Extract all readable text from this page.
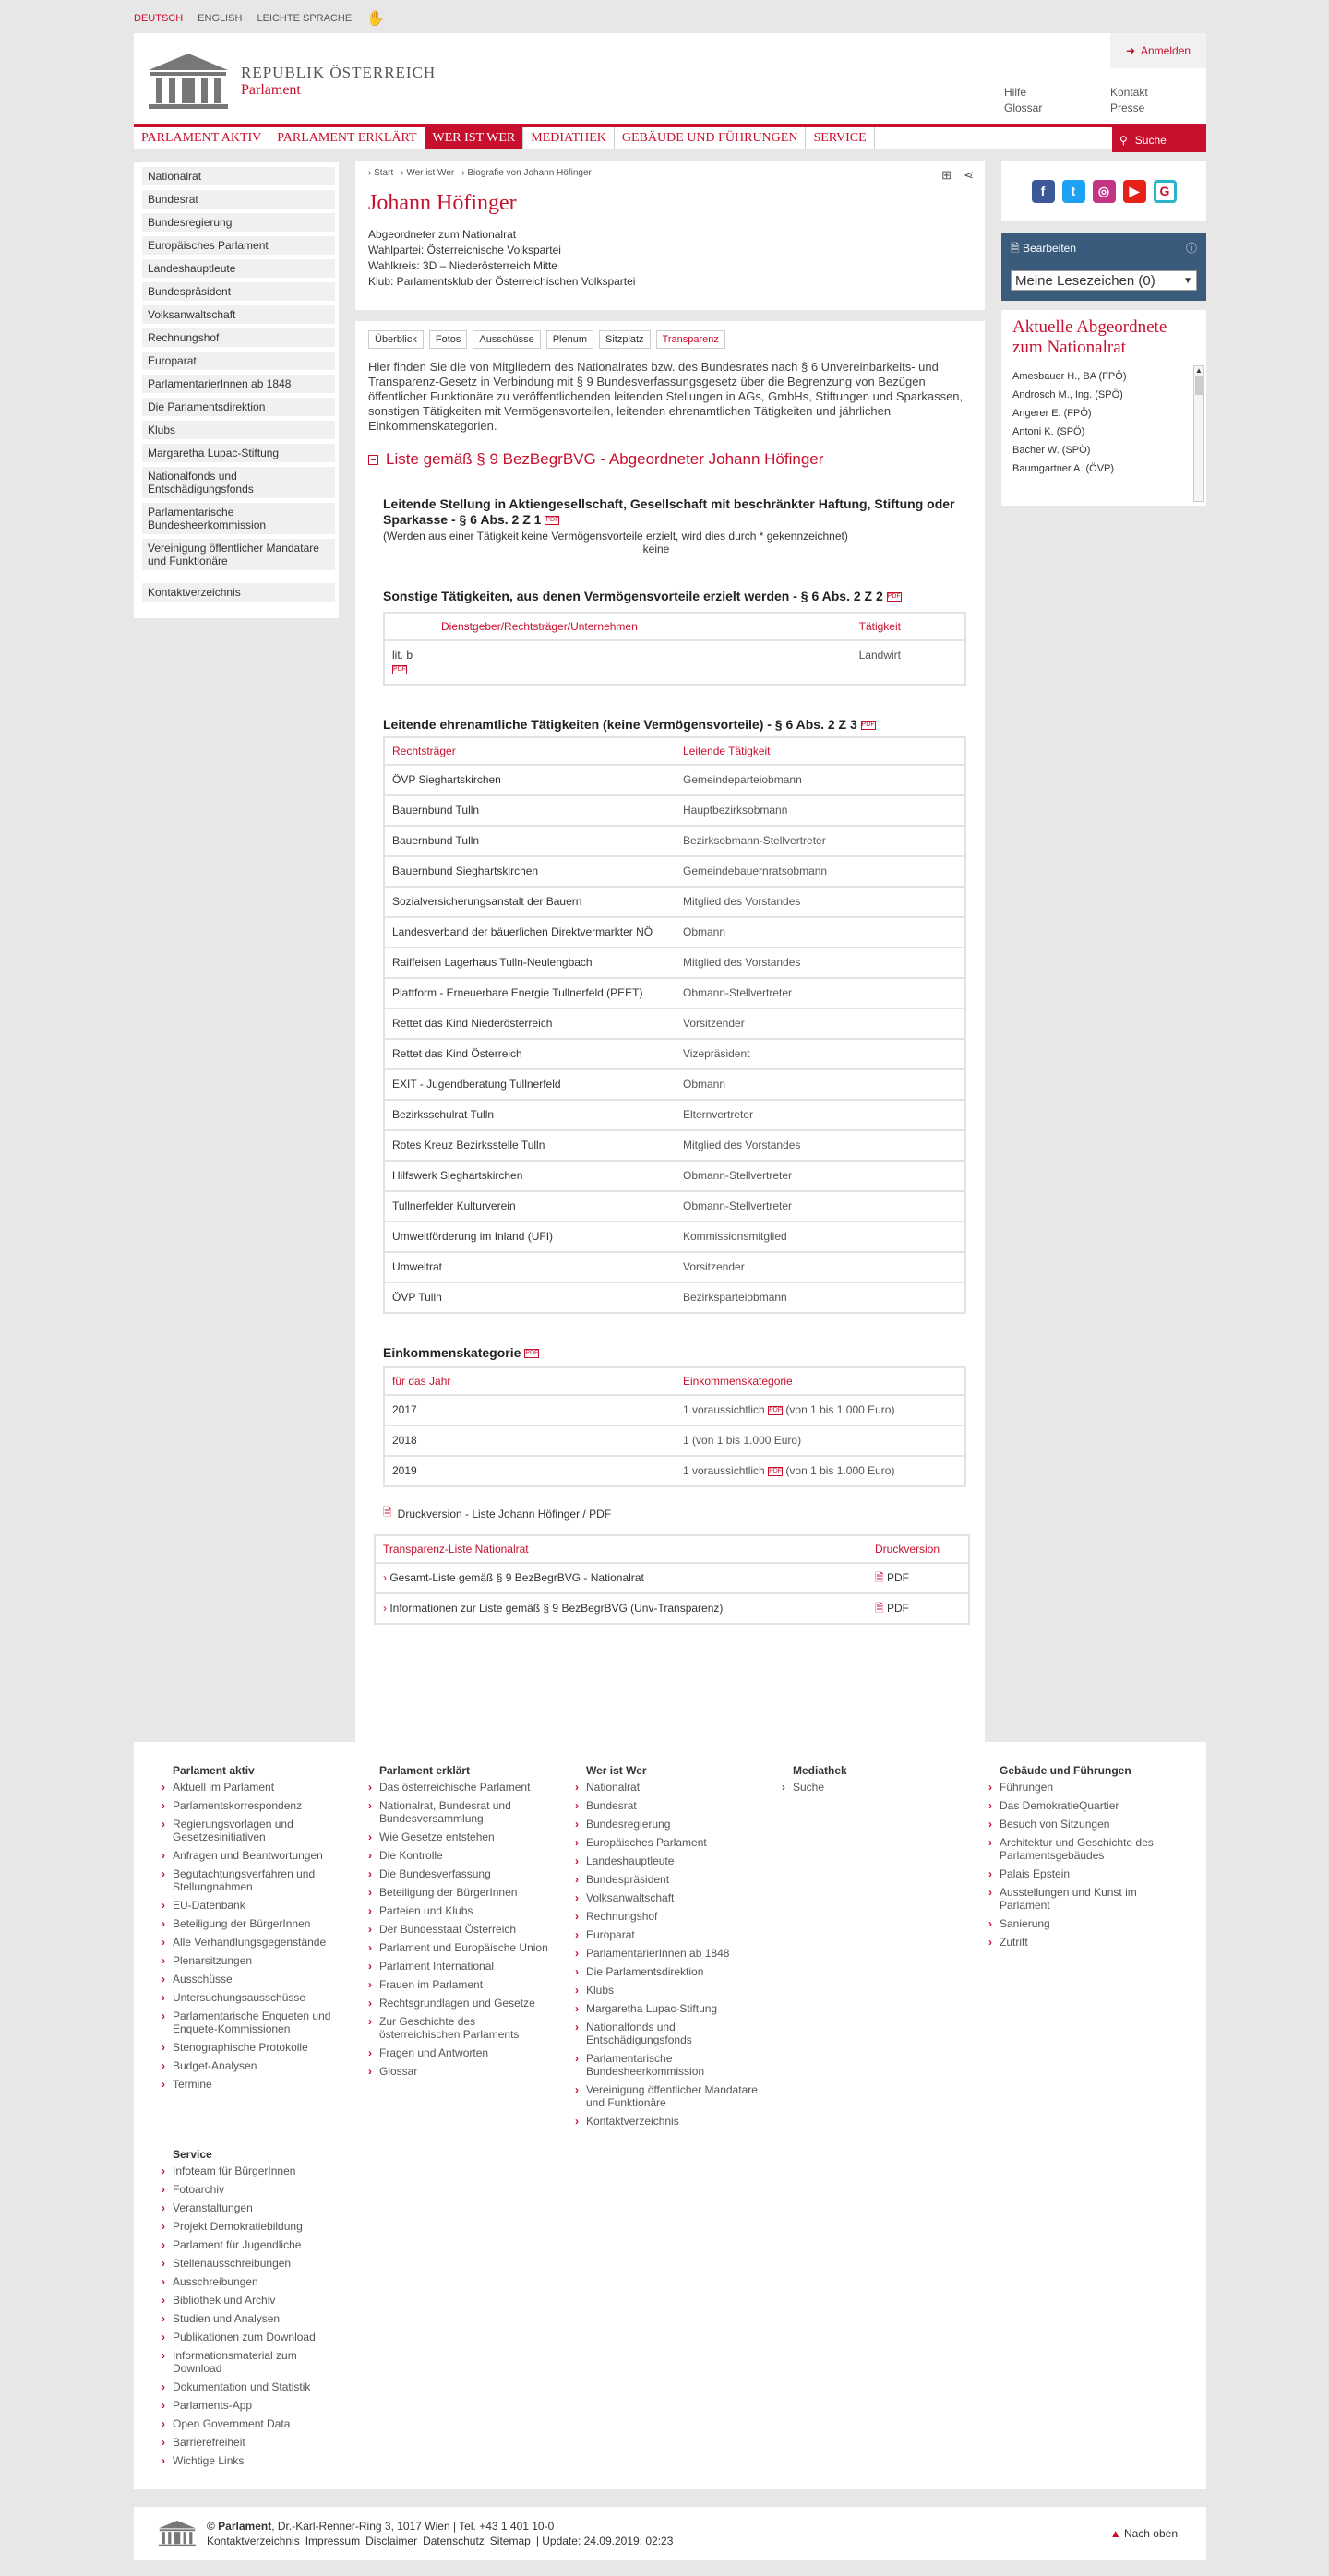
DEUTSCH ENGLISH LEICHTE SPRACHE ✋
REPUBLIK ÖSTERREICH
Parlament
➜ Anmelden
Hilfe
Glossar
Kontakt
Presse
PARLAMENT AKTIV	PARLAMENT ERKLÄRT	WER IST WER	MEDIATHEK	GEBÄUDE UND FÜHRUNGEN	SERVICE	⚲ Suche
Nationalrat
Bundesrat
Bundesregierung
Europäisches Parlament
Landeshauptleute
Bundespräsident
Volksanwaltschaft
Rechnungshof
Europarat
ParlamentarierInnen ab 1848
Die Parlamentsdirektion
Klubs
Margaretha Lupac-Stiftung
Nationalfonds und Entschädigungsfonds
Parlamentarische Bundesheerkommission
Vereinigung öffentlicher Mandatare und Funktionäre
Kontaktverzeichnis
› Start › Wer ist Wer › Biografie von Johann Höfinger	⊞ ⋖
Johann Höfinger
Abgeordneter zum Nationalrat
Wahlpartei: Österreichische Volkspartei
Wahlkreis: 3D – Niederösterreich Mitte
Klub: Parlamentsklub der Österreichischen Volkspartei
Überblick	Fotos	Ausschüsse	Plenum	Sitzplatz	Transparenz
Hier finden Sie die von Mitgliedern des Nationalrates bzw. des Bundesrates nach § 6 Unvereinbarkeits- und Transparenz-Gesetz in Verbindung mit § 9 Bundesverfassungsgesetz über die Begrenzung von Bezügen öffentlicher Funktionäre zu veröffentlichenden leitenden Stellungen in AGs, GmbHs, Stiftungen und Sparkassen, sonstigen Tätigkeiten mit Vermögensvorteilen, leitenden ehrenamtlichen Tätigkeiten und jährlichen Einkommenskategorien.
Liste gemäß § 9 BezBegrBVG - Abgeordneter Johann Höfinger
Leitende Stellung in Aktiengesellschaft, Gesellschaft mit beschränkter Haftung, Stiftung oder Sparkasse - § 6 Abs. 2 Z 1 PDF
(Werden aus einer Tätigkeit keine Vermögensvorteile erzielt, wird dies durch * gekennzeichnet)
keine
Sonstige Tätigkeiten, aus denen Vermögensvorteile erzielt werden - § 6 Abs. 2 Z 2 PDF
	Dienstgeber/Rechtsträger/Unternehmen	Tätigkeit
lit. b PDF		Landwirt
Leitende ehrenamtliche Tätigkeiten (keine Vermögensvorteile) - § 6 Abs. 2 Z 3 PDF
Rechtsträger	Leitende Tätigkeit
ÖVP Sieghartskirchen	Gemeindeparteiobmann
Bauernbund Tulln	Hauptbezirksobmann
Bauernbund Tulln	Bezirksobmann-Stellvertreter
Bauernbund Sieghartskirchen	Gemeindebauernratsobmann
Sozialversicherungsanstalt der Bauern	Mitglied des Vorstandes
Landesverband der bäuerlichen Direktvermarkter NÖ	Obmann
Raiffeisen Lagerhaus Tulln-Neulengbach	Mitglied des Vorstandes
Plattform - Erneuerbare Energie Tullnerfeld (PEET)	Obmann-Stellvertreter
Rettet das Kind Niederösterreich	Vorsitzender
Rettet das Kind Österreich	Vizepräsident
EXIT - Jugendberatung Tullnerfeld	Obmann
Bezirksschulrat Tulln	Elternvertreter
Rotes Kreuz Bezirksstelle Tulln	Mitglied des Vorstandes
Hilfswerk Sieghartskirchen	Obmann-Stellvertreter
Tullnerfelder Kulturverein	Obmann-Stellvertreter
Umweltförderung im Inland (UFI)	Kommissionsmitglied
Umweltrat	Vorsitzender
ÖVP Tulln	Bezirksparteiobmann
Einkommenskategorie PDF
für das Jahr	Einkommenskategorie
2017	1 voraussichtlich PDF (von 1 bis 1.000 Euro)
2018	1 (von 1 bis 1.000 Euro)
2019	1 voraussichtlich PDF (von 1 bis 1.000 Euro)
🗎 Druckversion - Liste Johann Höfinger / PDF
Transparenz-Liste Nationalrat	Druckversion
› Gesamt-Liste gemäß § 9 BezBegrBVG - Nationalrat	🗎 PDF
› Informationen zur Liste gemäß § 9 BezBegrBVG (Unv-Transparenz)	🗎 PDF
f	t	◎	▶	G
🗎 Bearbeiten	ⓘ
Meine Lesezeichen (0)	▼
Aktuelle Abgeordnete zum Nationalrat
Amesbauer H., BA (FPÖ)
Androsch M., Ing. (SPÖ)
Angerer E. (FPÖ)
Antoni K. (SPÖ)
Bacher W. (SPÖ)
Baumgartner A. (ÖVP)
▲
Parlament aktiv
› Aktuell im Parlament
› Parlamentskorrespondenz
› Regierungsvorlagen und Gesetzesinitiativen
› Anfragen und Beantwortungen
› Begutachtungsverfahren und Stellungnahmen
› EU-Datenbank
› Beteiligung der BürgerInnen
› Alle Verhandlungsgegenstände
› Plenarsitzungen
› Ausschüsse
› Untersuchungsausschüsse
› Parlamentarische Enqueten und Enquete-Kommissionen
› Stenographische Protokolle
› Budget-Analysen
› Termine
Parlament erklärt
› Das österreichische Parlament
› Nationalrat, Bundesrat und Bundesversammlung
› Wie Gesetze entstehen
› Die Kontrolle
› Die Bundesverfassung
› Beteiligung der BürgerInnen
› Parteien und Klubs
› Der Bundesstaat Österreich
› Parlament und Europäische Union
› Parlament International
› Frauen im Parlament
› Rechtsgrundlagen und Gesetze
› Zur Geschichte des österreichischen Parlaments
› Fragen und Antworten
› Glossar
Wer ist Wer
› Nationalrat
› Bundesrat
› Bundesregierung
› Europäisches Parlament
› Landeshauptleute
› Bundespräsident
› Volksanwaltschaft
› Rechnungshof
› Europarat
› ParlamentarierInnen ab 1848
› Die Parlamentsdirektion
› Klubs
› Margaretha Lupac-Stiftung
› Nationalfonds und Entschädigungsfonds
› Parlamentarische Bundesheerkommission
› Vereinigung öffentlicher Mandatare und Funktionäre
› Kontaktverzeichnis
Mediathek
› Suche
Gebäude und Führungen
› Führungen
› Das DemokratieQuartier
› Besuch von Sitzungen
› Architektur und Geschichte des Parlamentsgebäudes
› Palais Epstein
› Ausstellungen und Kunst im Parlament
› Sanierung
› Zutritt
Service
› Infoteam für BürgerInnen
› Fotoarchiv
› Veranstaltungen
› Projekt Demokratiebildung
› Parlament für Jugendliche
› Stellenausschreibungen
› Ausschreibungen
› Bibliothek und Archiv
› Studien und Analysen
› Publikationen zum Download
› Informationsmaterial zum Download
› Dokumentation und Statistik
› Parlaments-App
› Open Government Data
› Barrierefreiheit
› Wichtige Links
© Parlament, Dr.-Karl-Renner-Ring 3, 1017 Wien | Tel. +43 1 401 10-0
Kontaktverzeichnis Impressum Disclaimer Datenschutz Sitemap | Update: 24.09.2019; 02:23
▲ Nach oben
